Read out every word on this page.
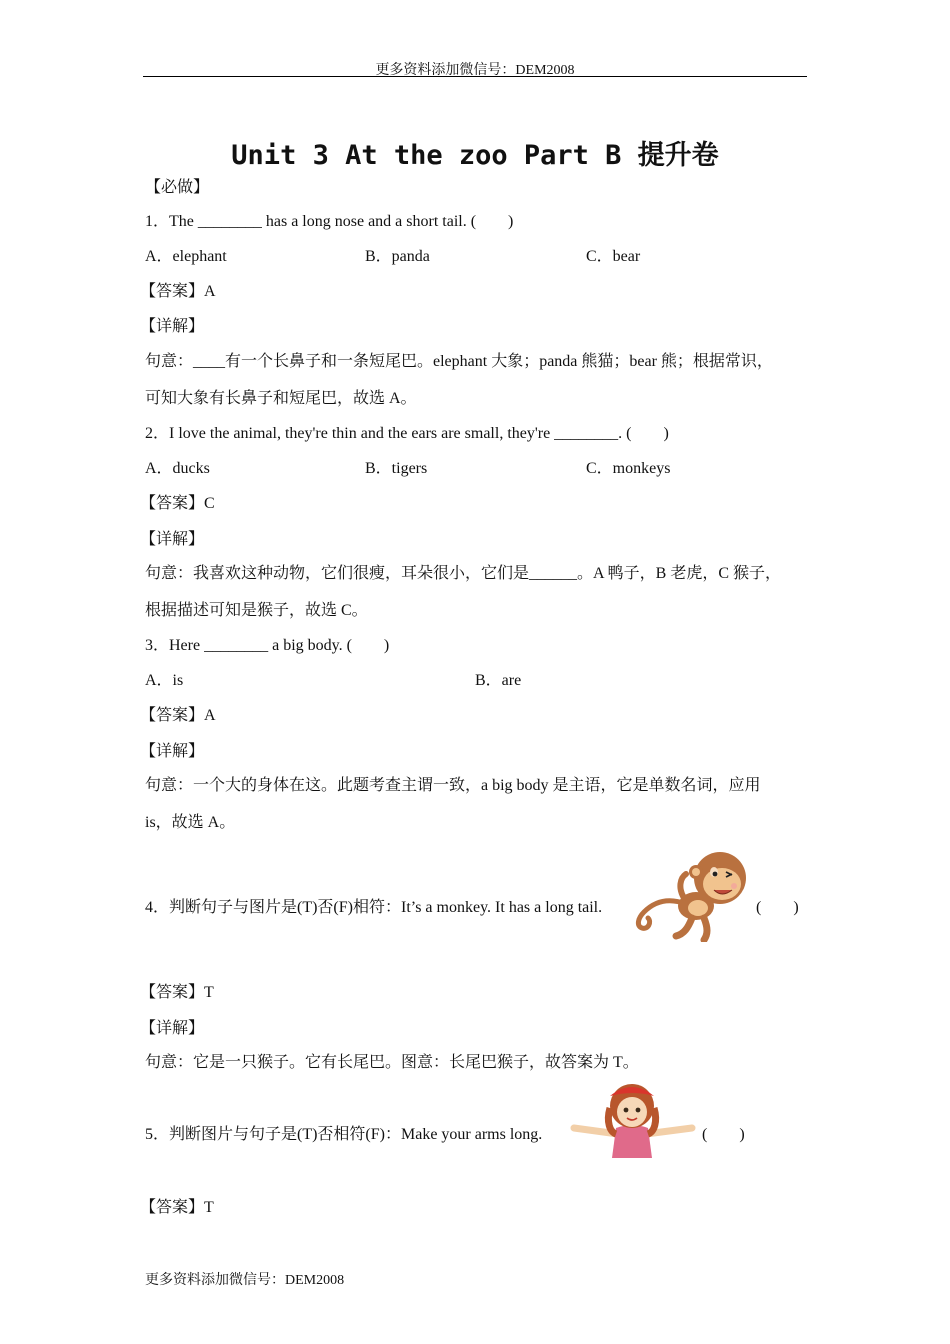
更多资料添加微信号：DEM2008
Unit 3 At the zoo Part B 提升卷
【必做】
1．The ________ has a long nose and a short tail. (　　)
A．elephant	B．panda	C．bear
【答案】A
【详解】
句意：____有一个长鼻子和一条短尾巴。elephant 大象；panda 熊猫；bear 熊；根据常识，
可知大象有长鼻子和短尾巴，故选 A。
2．I love the animal, they're thin and the ears are small, they're ________. (　　)
A．ducks	B．tigers	C．monkeys
【答案】C
【详解】
句意：我喜欢这种动物，它们很瘦，耳朵很小，它们是______。A 鸭子，B 老虎，C 猴子，
根据描述可知是猴子，故选 C。
3．Here ________ a big body. (　　)
A．is	B．are
【答案】A
【详解】
句意：一个大的身体在这。此题考查主谓一致，a big body 是主语，它是单数名词，应用
is，故选 A。
4．判断句子与图片是(T)否(F)相符：It’s a monkey. It has a long tail.	(　　)
【答案】T
【详解】
句意：它是一只猴子。它有长尾巴。图意：长尾巴猴子，故答案为 T。
5．判断图片与句子是(T)否相符(F)：Make your arms long.	(　　)
【答案】T
更多资料添加微信号：DEM2008
